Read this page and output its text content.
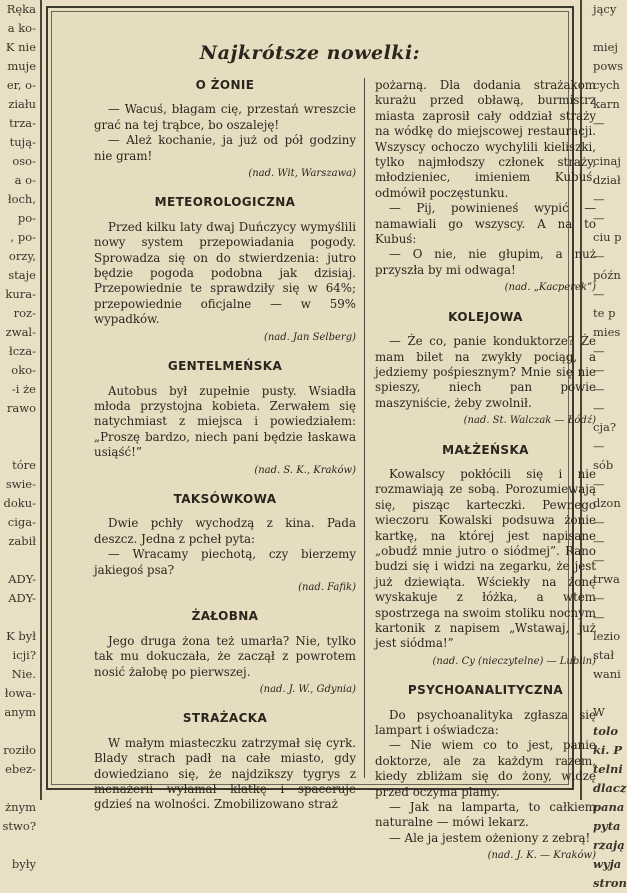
Ręka
a ko-
K nie
muje
er, o-
ziału
trza-
tują-
oso-
a o-
łoch,
po-
, po-
orzy,
staje
kura-
roz-
zwal-
łcza-
oko-
-i że
rawo
tóre
swie-
doku-
ciga-
zabił
ADY-
ADY-
K był
icji?
Nie.
łowa-
anym
roziło
ebez-
żnym
stwo?
były
jący
miej
pows
cych
karn
—
cinaj
dział
—
—
ciu p
—
późn
—
te p
mies
—
—
—
—
cja?
—
sób
—
dzon
—
—
—
trwa
—
—
lezio
stał
wani
W
tolo
ki. P
telni
dlacz
pana
pyta
rzają
wyja
stron
Najkrótsze nowelki:
O ŻONIE

— Wacuś, błagam cię, przestań wreszcie grać na tej trąbce, bo oszaleję!

— Ależ kochanie, ja już od pół godziny nie gram!

(nad. Wit, Warszawa)
METEOROLOGICZNA

Przed kilku laty dwaj Duńczycy wymyślili nowy system przepowiadania pogody. Sprowadza się on do stwierdzenia: jutro będzie pogoda podobna jak dzisiaj. Przepowiednie te sprawdziły się w 64%; przepowiednie oficjalne — w 59% wypadków.

(nad. Jan Selberg)
GENTELMEŃSKA

Autobus był zupełnie pusty. Wsiadła młoda przystojna kobieta. Zerwałem się natychmiast z miejsca i powiedziałem: „Proszę bardzo, niech pani będzie łaskawa usiąść!”

(nad. S. K., Kraków)
TAKSÓWKOWA

Dwie pchły wychodzą z kina. Pada deszcz. Jedna z pcheł pyta:

— Wracamy piechotą, czy bierzemy jakiegoś psa?

(nad. Fafik)
ŻAŁOBNA

Jego druga żona też umarła? Nie, tylko tak mu dokuczała, że zaczął z powrotem nosić żałobę po pierwszej.

(nad. J. W., Gdynia)
STRAŻACKA

W małym miasteczku zatrzymał się cyrk. Blady strach padł na całe miasto, gdy dowiedziano się, że najdzikszy tygrys z menażerii wyłamał klatkę i spaceruje gdzieś na wolności. Zmobilizowano straż

pożarną. Dla dodania strażakom kurażu przed obławą, burmistrz miasta zaprosił cały oddział straży na wódkę do miejscowej restauracji. Wszyscy ochoczo wychylili kieliszki, tylko najmłodszy członek straży, młodzieniec, imieniem Kubuś, odmówił poczęstunku.

— Pij, powinieneś wypić — namawiali go wszyscy. A na to Kubuś:

— O nie, nie głupim, a nuż przyszła by mi odwaga!

(nad. „Kacperek”)
KOLEJOWA

— Że co, panie konduktorze? Że mam bilet na zwykły pociąg, a jedziemy pośpiesznym? Mnie się nie spieszy, niech pan powie maszyniście, żeby zwolnił.

(nad. St. Walczak — Łódź)
MAŁŻEŃSKA

Kowalscy pokłócili się i nie rozmawiają ze sobą. Porozumiewają się, pisząc karteczki. Pewnego wieczoru Kowalski podsuwa żonie kartkę, na której jest napisane „obudź mnie jutro o siódmej”. Rano budzi się i widzi na zegarku, że jest już dziewiąta. Wściekły na żonę wyskakuje z łóżka, a wtem spostrzega na swoim stoliku nocnym kartonik z napisem „Wstawaj, już jest siódma!”

(nad. Cy (nieczytelne) — Lublin)
PSYCHOANALITYCZNA

Do psychoanalityka zgłasza się lampart i oświadcza:

— Nie wiem co to jest, panie doktorze, ale za każdym razem, kiedy zbliżam się do żony, widzę przed oczyma plamy.

— Jak na lamparta, to całkiem naturalne — mówi lekarz.

— Ale ja jestem ożeniony z zebrą!

(nad. J. K. — Kraków)
